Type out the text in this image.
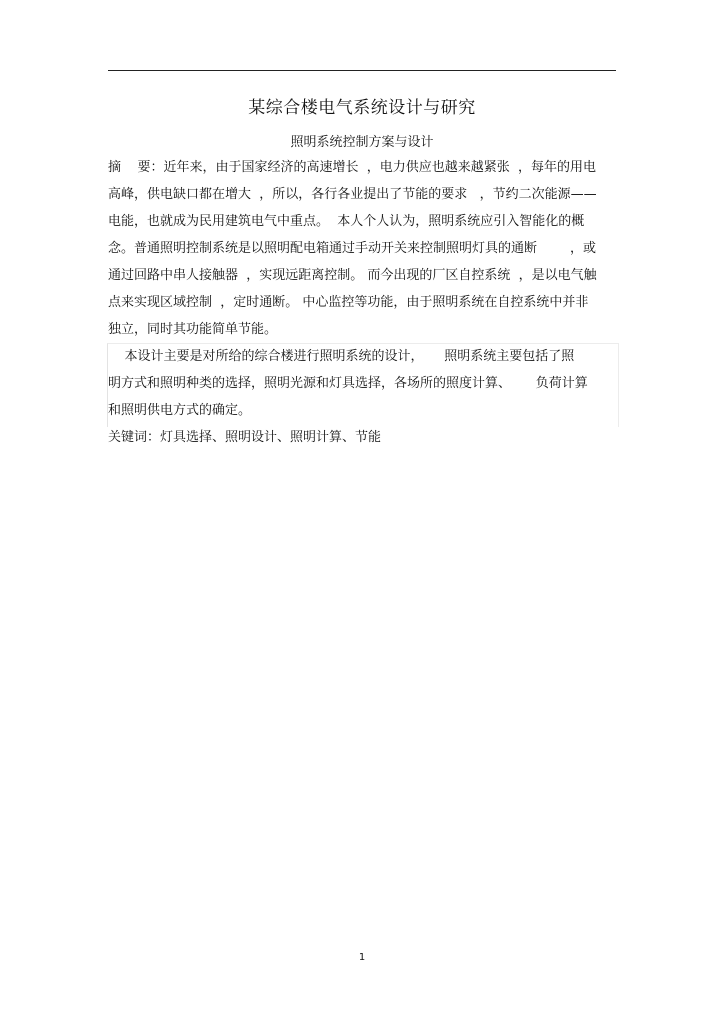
某综合楼电气系统设计与研究

照明系统控制方案与设计

摘    要：近年来，由于国家经济的高速增长  ，电力供应也越来越紧张  ，每年的用电

高峰，供电缺口都在增大  ，所以，各行各业提出了节能的要求   ，节约二次能源——

电能，也就成为民用建筑电气中重点。  本人个人认为，照明系统应引入智能化的概

念。普通照明控制系统是以照明配电箱通过手动开关来控制照明灯具的通断        ，或

通过回路中串人接触器  ，实现远距离控制。 而今出现的厂区自控系统  ，是以电气触

点来实现区域控制  ，定时通断。 中心监控等功能，由于照明系统在自控系统中并非

独立，同时其功能简单节能。

本设计主要是对所给的综合楼进行照明系统的设计，     照明系统主要包括了照

明方式和照明种类的选择，照明光源和灯具选择，各场所的照度计算、      负荷计算

和照明供电方式的确定。

关键词：灯具选择、照明设计、照明计算、节能

1
